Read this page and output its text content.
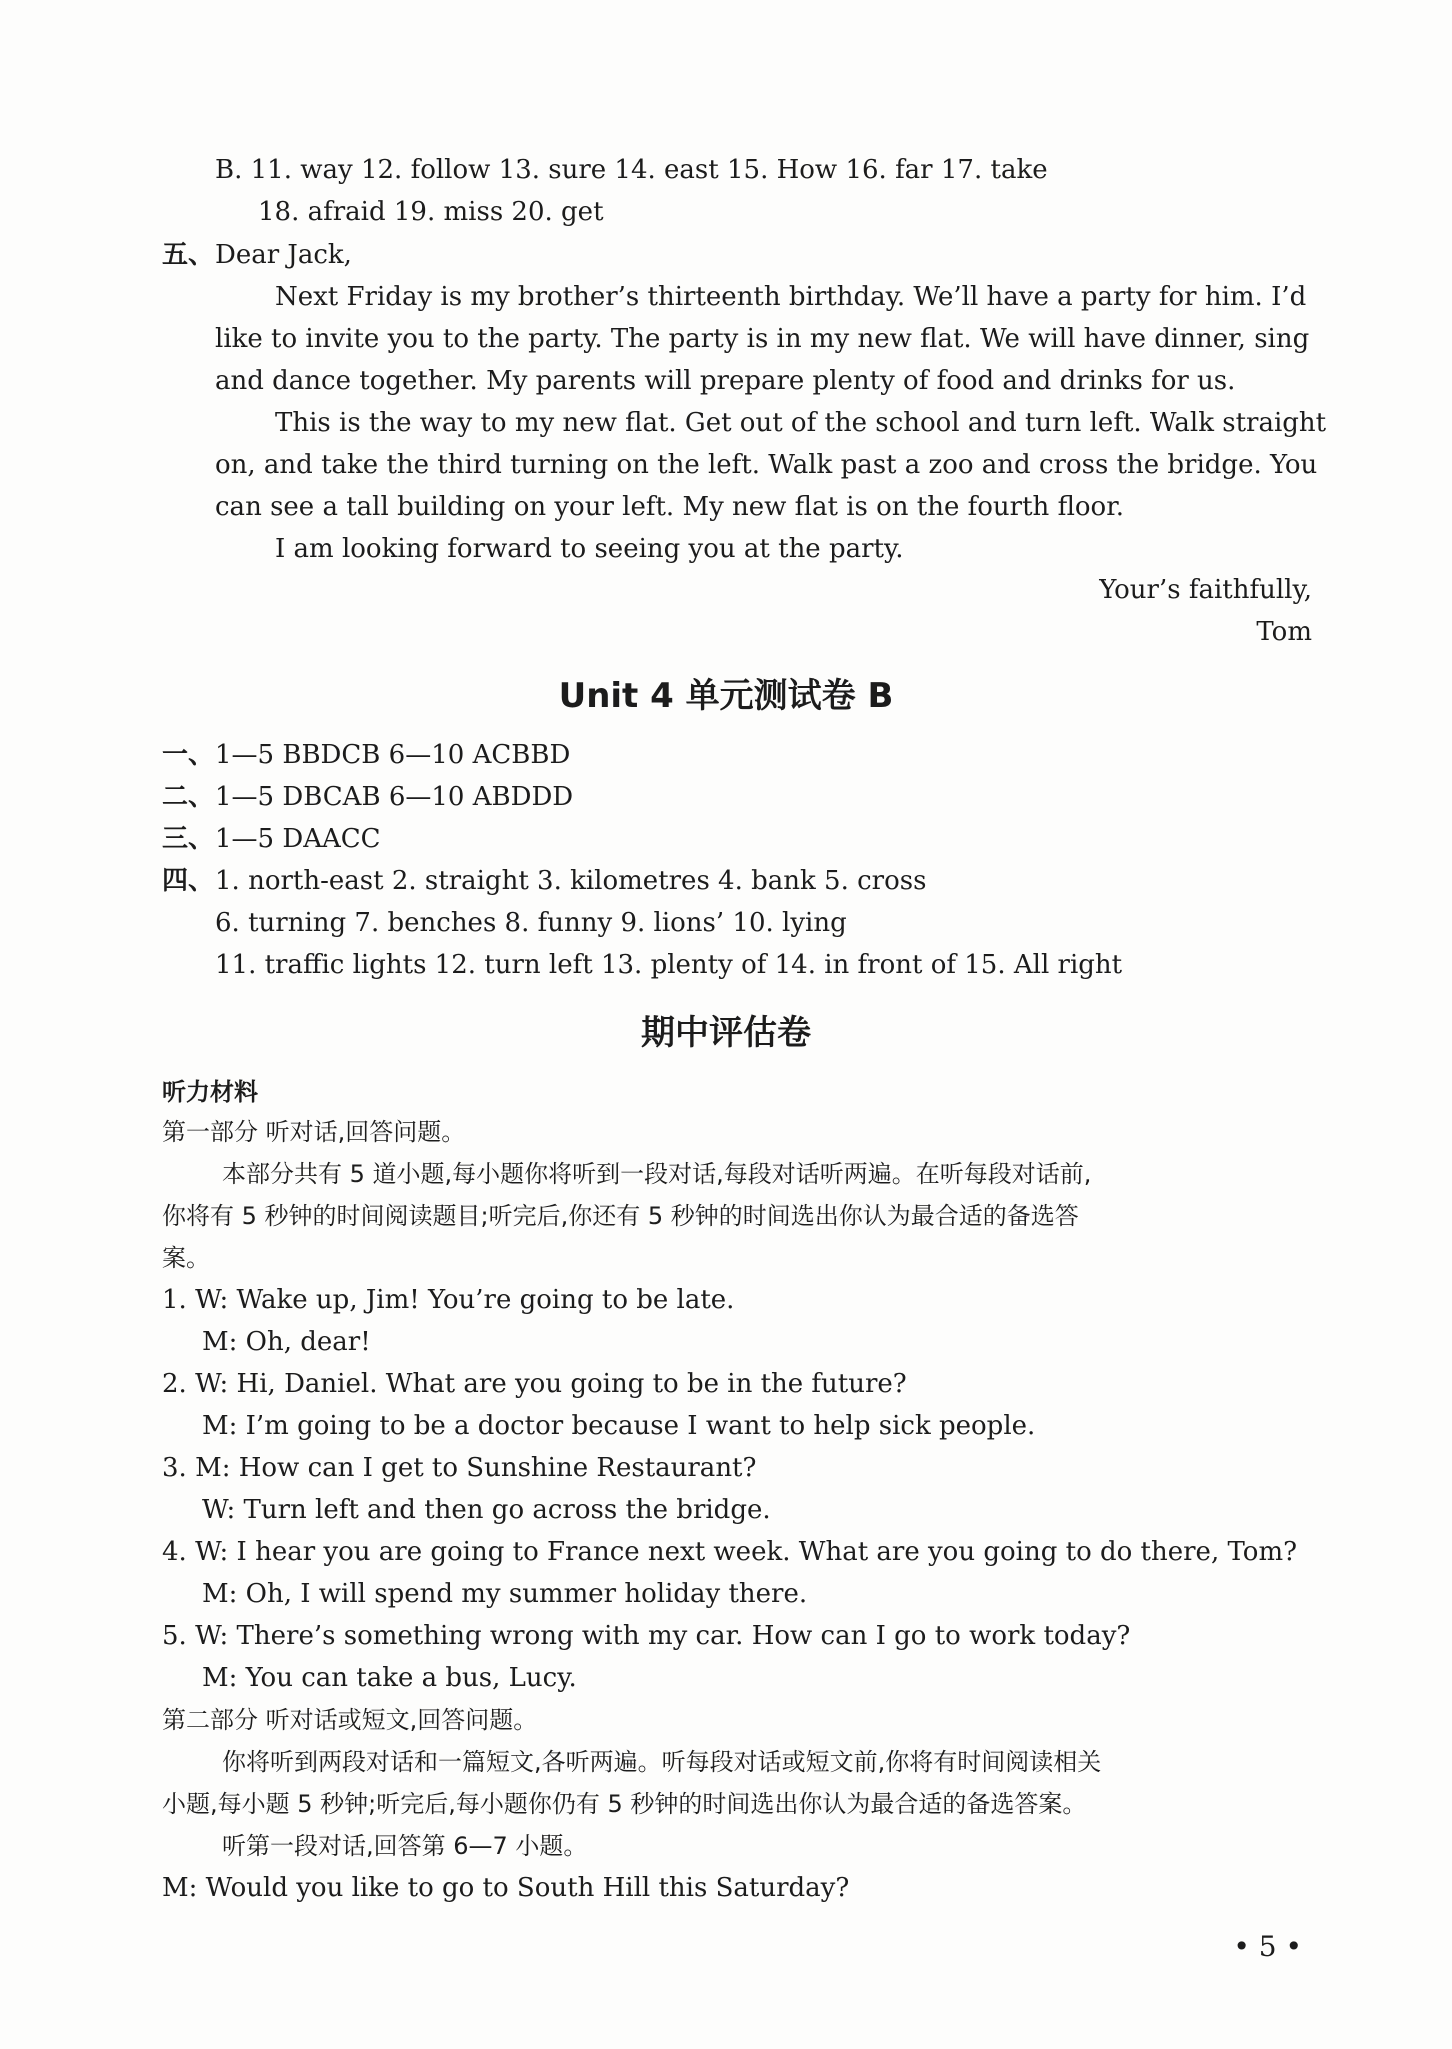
B. 11. way 12. follow 13. sure 14. east 15. How 16. far 17. take
18. afraid 19. miss 20. get
五、 Dear Jack,
Next Friday is my brother’s thirteenth birthday. We’ll have a party for him. I’d
like to invite you to the party. The party is in my new flat. We will have dinner, sing
and dance together. My parents will prepare plenty of food and drinks for us.
This is the way to my new flat. Get out of the school and turn left. Walk straight
on, and take the third turning on the left. Walk past a zoo and cross the bridge. You
can see a tall building on your left. My new flat is on the fourth floor.
I am looking forward to seeing you at the party.
Your’s faithfully,
Tom
Unit 4 单元测试卷 B
一、 1—5 BBDCB 6—10 ACBBD
二、 1—5 DBCAB 6—10 ABDDD
三、 1—5 DAACC
四、 1. north-east 2. straight 3. kilometres 4. bank 5. cross
6. turning 7. benches 8. funny 9. lions’ 10. lying
11. traffic lights 12. turn left 13. plenty of 14. in front of 15. All right
期中评估卷
听力材料
第一部分 听对话,回答问题。
本部分共有 5 道小题,每小题你将听到一段对话,每段对话听两遍。在听每段对话前,
你将有 5 秒钟的时间阅读题目;听完后,你还有 5 秒钟的时间选出你认为最合适的备选答
案。
1. W: Wake up, Jim! You’re going to be late.
M: Oh, dear!
2. W: Hi, Daniel. What are you going to be in the future?
M: I’m going to be a doctor because I want to help sick people.
3. M: How can I get to Sunshine Restaurant?
W: Turn left and then go across the bridge.
4. W: I hear you are going to France next week. What are you going to do there, Tom?
M: Oh, I will spend my summer holiday there.
5. W: There’s something wrong with my car. How can I go to work today?
M: You can take a bus, Lucy.
第二部分 听对话或短文,回答问题。
你将听到两段对话和一篇短文,各听两遍。听每段对话或短文前,你将有时间阅读相关
小题,每小题 5 秒钟;听完后,每小题你仍有 5 秒钟的时间选出你认为最合适的备选答案。
听第一段对话,回答第 6—7 小题。
M: Would you like to go to South Hill this Saturday?
• 5 •
